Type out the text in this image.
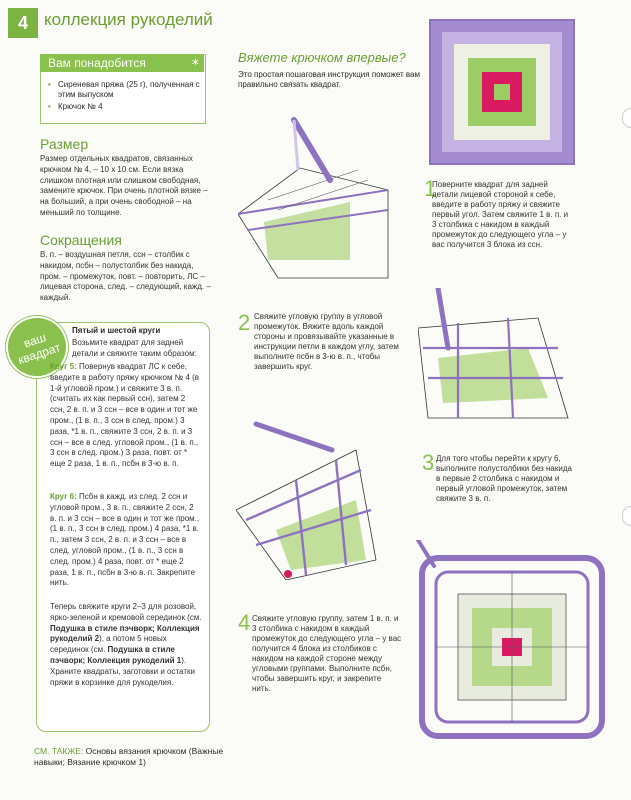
4 коллекция рукоделий
Вам понадобится	✶
• Сиреневая пряжа (25 г), полученная с этим выпуском
• Крючок № 4
Размер
Размер отдельных квадратов, связанных крючком № 4, – 10 х 10 см. Если вязка слишком плотная или слишком свободная, замените крючок. При очень плотной вязке – на больший, а при очень свободной – на меньший по толщине.
Сокращения
В. п. – воздушная петля, ссн – столбик с накидом, псбн – полустолбик без накида, пром. – промежуток, повт. – повторить, ЛС – лицевая сторона, след. – следующий, кажд. – каждый.
ваш квадрат
Пятый и шестой круги
Возьмите квадрат для задней детали и свяжите таким образом:
Круг 5: Повернув квадрат ЛС к себе, введите в работу пряжу крючком № 4 (в 1-й угловой пром.) и свяжите 3 в. п. (считать их как первый ссн), затем 2 ссн, 2 в. п. и 3 ссн – все в один и тот же пром., (1 в. п., 3 ссн в след. пром.) 3 раза, *1 в. п., свяжите 3 ссн, 2 в. п. и 3 ссн – все в след. угловой пром., (1 в. п., 3 ссн в след. пром.) 3 раза, повт. от * еще 2 раза, 1 в. п., псбн в 3-ю в. п.
Круг 6: Псбн в кажд. из след. 2 ссн и угловой пром., 3 в. п., свяжите 2 ссн, 2 в. п. и 3 ссн – все в один и тот же пром., (1 в. п., 3 ссн в след. пром.) 4 раза, *1 в. п., затем 3 ссн, 2 в. п. и 3 ссн – все в след. угловой пром., (1 в. п., 3 ссн в след. пром.) 4 раза, повт. от * еще 2 раза, 1 в. п., псбн в 3-ю в. п. Закрепите нить.
Теперь свяжите круги 2–3 для розовой, ярко-зеленой и кремовой серединок (см. Подушка в стиле пэчворк; Коллекция рукоделий 2), а потом 5 новых серединок (см. Подушка в стиле пэчворк; Коллекция рукоделий 1). Храните квадраты, заготовки и остатки пряжи в корзинке для рукоделия.
СМ. ТАКЖЕ: Основы вязания крючком (Важные навыки; Вязание крючком 1)
Вяжете крючком впервые?
Это простая пошаговая инструкция поможет вам правильно связать квадрат.
1
Поверните квадрат для задней детали лицевой стороной к себе, введите в работу пряжу и свяжите первый угол. Затем свяжите 1 в. п. и 3 столбика с накидом в каждый промежуток до следующего угла – у вас получится 3 блока из ссн.
2 Свяжите угловую группу в угловой промежуток. Вяжите вдоль каждой стороны и провязывайте указанные в инструкции петли в каждом углу, затем выполните псбн в 3-ю в. п., чтобы завершить круг.
3 Для того чтобы перейти к кругу 6, выполните полустолбики без накида в первые 2 столбика с накидом и первый угловой промежуток, затем свяжите 3 в. п.
4 Свяжите угловую группу, затем 1 в. п. и 3 столбика с накидом в каждый промежуток до следующего угла – у вас получится 4 блока из столбиков с накидом на каждой стороне между угловыми группами. Выполните псбн, чтобы завершить круг, и закрепите нить.
